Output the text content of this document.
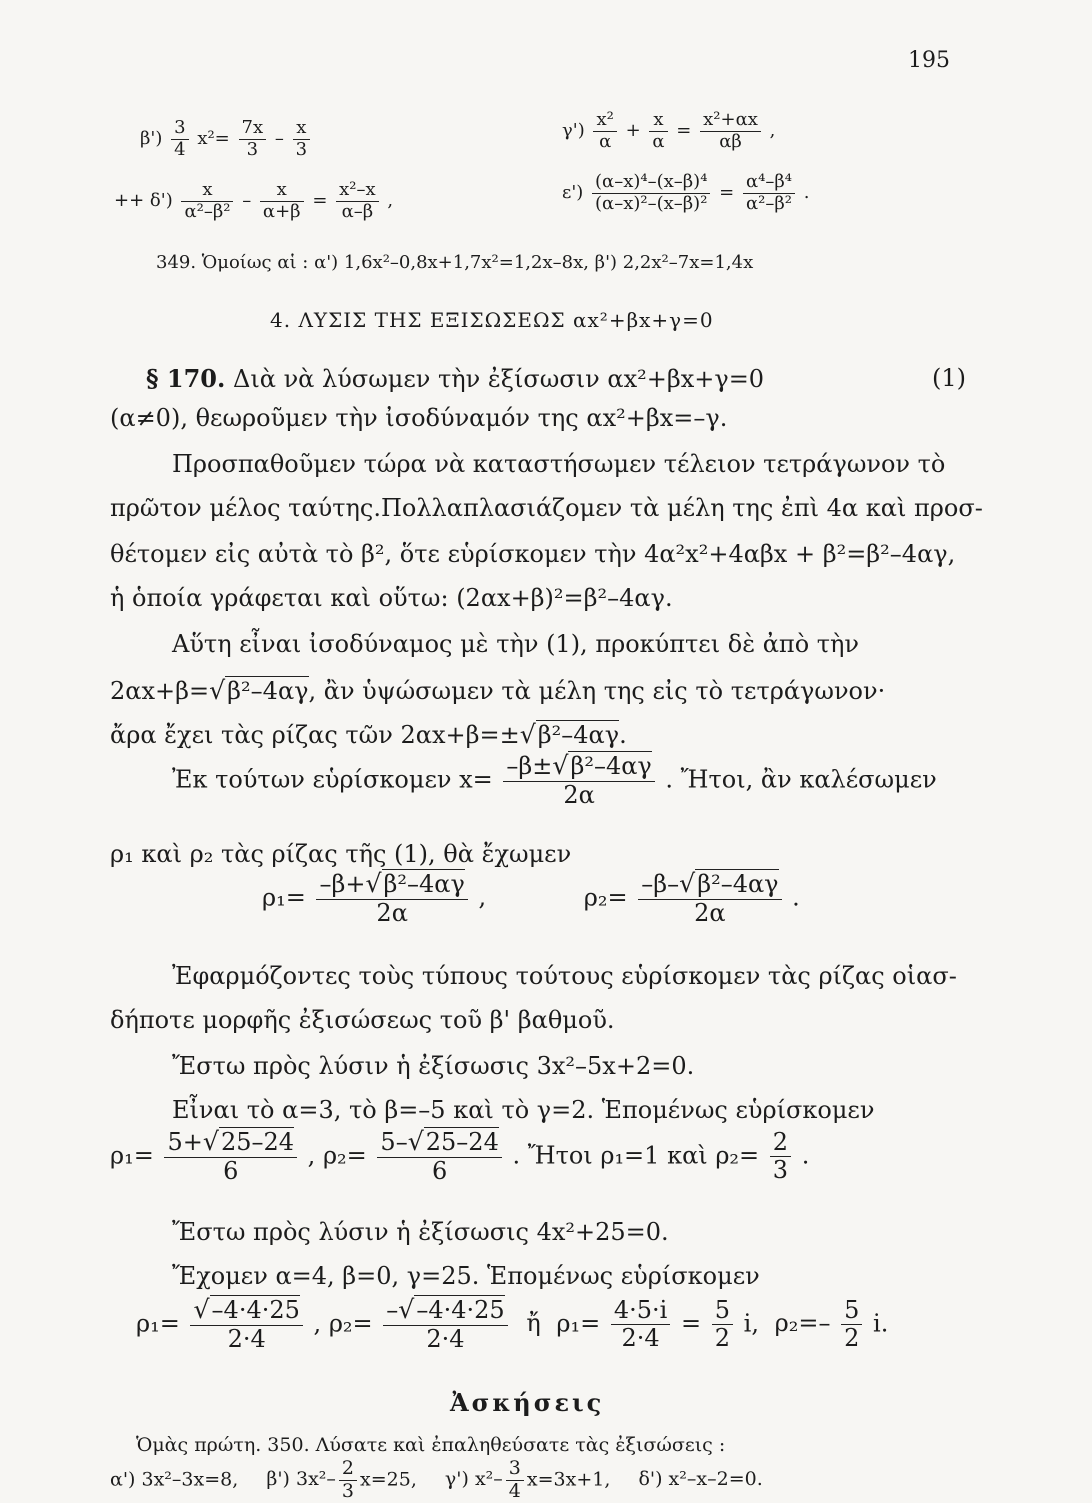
195
$\beta') \frac{3}{4} x^2= \frac{7x}{3} - \frac{x}{3}$	$\gamma') \frac{\text{x²}}{\alpha} + \frac{x}{\alpha} = \frac{\text{x²+αx}}{\alpha\beta}$ ,
++ $\delta') \frac{x}{\text{α²–β²}} - \frac{x}{\alpha+\beta} = \frac{\text{x²–x}}{\alpha-\beta}$ ,	$\varepsilon') \frac{\text{(α–x)⁴–(x–β)⁴}}{\text{(α–x)²–(x–β)²}} = \frac{\text{α⁴–β⁴}}{\text{α²–β²}}$ .
349. Ὁμοίως αἱ : α') 1,6x²–0,8x+1,7x²=1,2x–8x, β') 2,2x²–7x=1,4x
4. ΛΥΣΙΣ ΤΗΣ ΕΞΙΣΩΣΕΩΣ αx²+βx+γ=0
§ 170. Διὰ νὰ λύσωμεν τὴν ἐξίσωσιν αx²+βx+γ=0	(1)
(α≠0), θεωροῦμεν τὴν ἰσοδύναμόν της αx²+βx=–γ.
Προσπαθοῦμεν τώρα νὰ καταστήσωμεν τέλειον τετράγωνον τὸ
πρῶτον μέλος ταύτης.Πολλαπλασιάζομεν τὰ μέλη της ἐπὶ 4α καὶ προσ-
θέτομεν εἰς αὐτὰ τὸ β², ὅτε εὑρίσκομεν τὴν 4α²x²+4αβx + β²=β²–4αγ,
ἡ ὁποία γράφεται καὶ οὕτω: (2αx+β)²=β²–4αγ.
Αὕτη εἶναι ἰσοδύναμος μὲ τὴν (1), προκύπτει δὲ ἀπὸ τὴν
2αx+β=√β²–4αγ, ἂν ὑψώσωμεν τὰ μέλη της εἰς τὸ τετράγωνον·
ἄρα ἔχει τὰς ρίζας τῶν 2αx+β=±√β²–4αγ.
Ἐκ τούτων εὑρίσκομεν $x= \frac{\text{–β±√β²–4αγ}}{2\alpha}$ . Ἤτοι, ἂν καλέσωμεν
ρ₁ καὶ ρ₂ τὰς ρίζας τῆς (1), θὰ ἔχωμεν
$\rho_1= \frac{\text{–β+√β²–4αγ}}{2\alpha}$ ,	$\rho_2= \frac{\text{–β–√β²–4αγ}}{2\alpha}$ .
Ἐφαρμόζοντες τοὺς τύπους τούτους εὑρίσκομεν τὰς ρίζας οἱασ-
δήποτε μορφῆς ἐξισώσεως τοῦ β' βαθμοῦ.
Ἔστω πρὸς λύσιν ἡ ἐξίσωσις 3x²–5x+2=0.
Εἶναι τὸ α=3, τὸ β=–5 καὶ τὸ γ=2. Ἑπομένως εὑρίσκομεν
$\rho_1= \frac{5+√25-24}{6}$ , $\rho_2= \frac{5-√25-24}{6}$ . Ἤτοι ρ₁=1 καὶ $\rho_2= \frac{2}{3}$ .
Ἔστω πρὸς λύσιν ἡ ἐξίσωσις 4x²+25=0.
Ἔχομεν α=4, β=0, γ=25. Ἑπομένως εὑρίσκομεν
$\rho_1= \frac{√-4\cdot 4\cdot 25}{2\cdot 4}$ , $\rho_2= \frac{-√-4\cdot 4\cdot 25}{2\cdot 4}$ ἤ $\rho_1= \frac{4\cdot 5\cdot i}{2\cdot 4} = \frac{5}{2} i$, $\rho_2=- \frac{5}{2} i$.
Ἀσκήσεις
Ὁμὰς πρώτη. 350. Λύσατε καὶ ἐπαληθεύσατε τὰς ἐξισώσεις :
α') 3x²–3x=8, β') $3x^2- \frac{2}{3} x=25$, γ') $x^2- \frac{3}{4} x=3x+1$, δ') x²–x–2=0.
